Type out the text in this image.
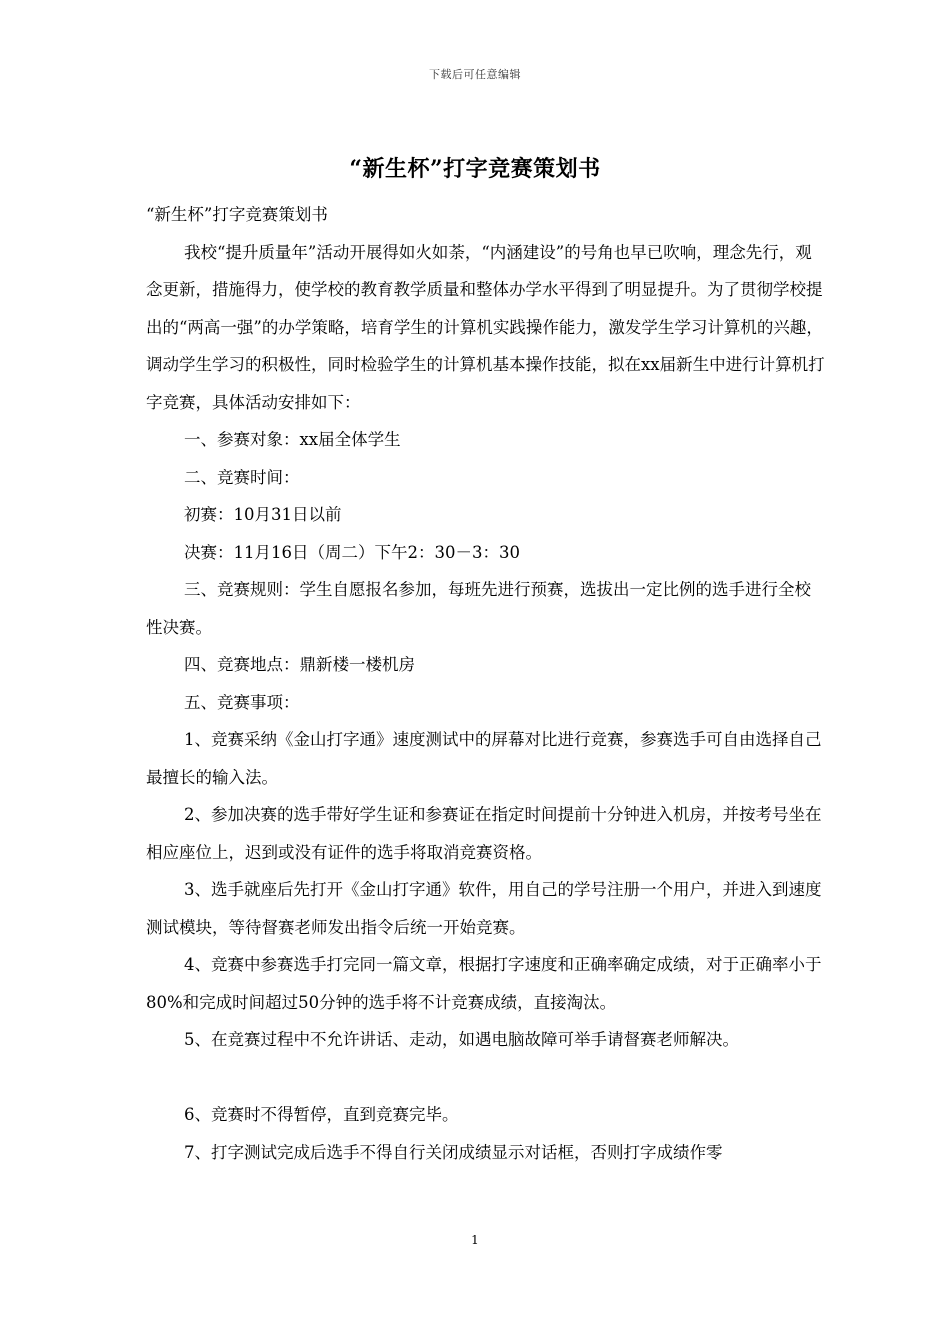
下载后可任意编辑
“新生杯”打字竞赛策划书

“新生杯”打字竞赛策划书

我校“提升质量年”活动开展得如火如荼，“内涵建设”的号角也早已吹响，理念先行，观念更新，措施得力，使学校的教育教学质量和整体办学水平得到了明显提升。为了贯彻学校提出的“两高一强”的办学策略，培育学生的计算机实践操作能力，激发学生学习计算机的兴趣，调动学生学习的积极性，同时检验学生的计算机基本操作技能，拟在xx届新生中进行计算机打字竞赛，具体活动安排如下：

一、参赛对象：xx届全体学生

二、竞赛时间：

初赛：10月31日以前

决赛：11月16日（周二）下午2：30－3：30

三、竞赛规则：学生自愿报名参加，每班先进行预赛，选拔出一定比例的选手进行全校性决赛。

四、竞赛地点：鼎新楼一楼机房

五、竞赛事项：

1、竞赛采纳《金山打字通》速度测试中的屏幕对比进行竞赛，参赛选手可自由选择自己最擅长的输入法。

2、参加决赛的选手带好学生证和参赛证在指定时间提前十分钟进入机房，并按考号坐在相应座位上，迟到或没有证件的选手将取消竞赛资格。

3、选手就座后先打开《金山打字通》软件，用自己的学号注册一个用户，并进入到速度测试模块，等待督赛老师发出指令后统一开始竞赛。

4、竞赛中参赛选手打完同一篇文章，根据打字速度和正确率确定成绩，对于正确率小于80%和完成时间超过50分钟的选手将不计竞赛成绩，直接淘汰。

5、在竞赛过程中不允许讲话、走动，如遇电脑故障可举手请督赛老师解决。

6、竞赛时不得暂停，直到竞赛完毕。

7、打字测试完成后选手不得自行关闭成绩显示对话框，否则打字成绩作零

1
